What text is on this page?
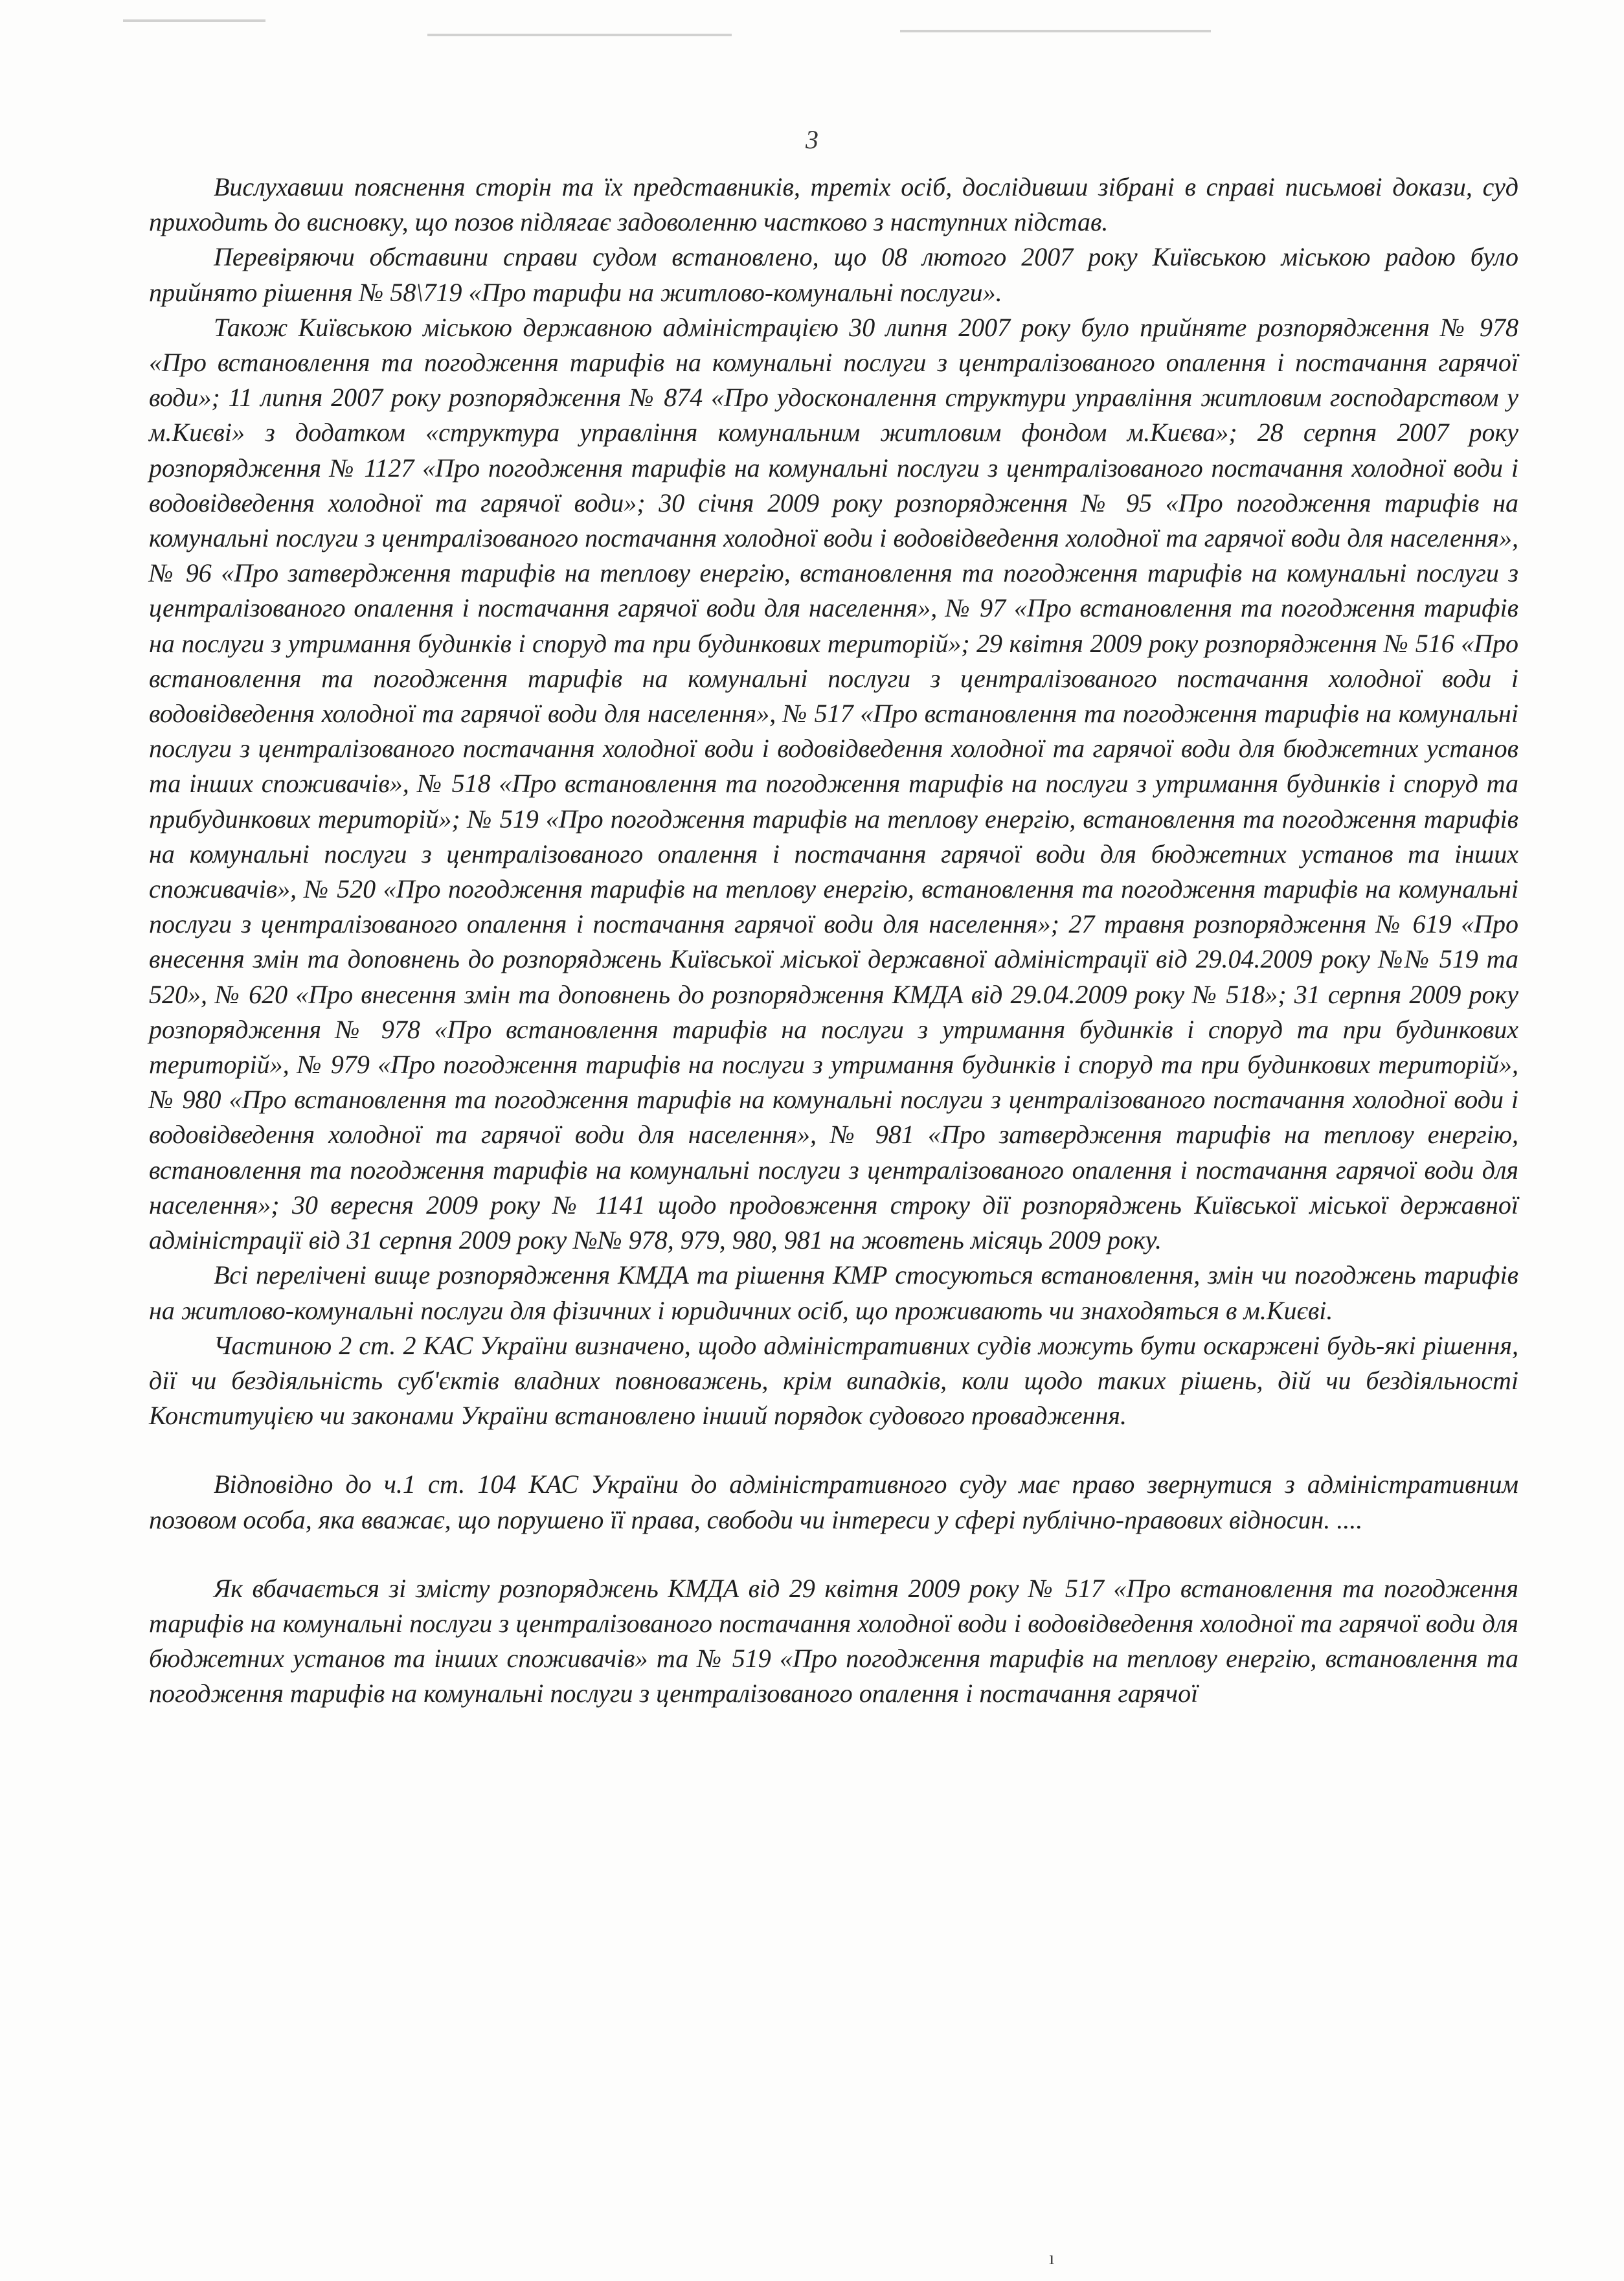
3

Вислухавши пояснення сторін та їх представників, третіх осіб, дослідивши зібрані в справі письмові докази, суд приходить до висновку, що позов підлягає задоволенню частково з наступних підстав.

Перевіряючи обставини справи судом встановлено, що 08 лютого 2007 року Київською міською радою було прийнято рішення № 58\719 «Про тарифи на житлово-комунальні послуги».

Також Київською міською державною адміністрацією 30 липня 2007 року було прийняте розпорядження № 978 «Про встановлення та погодження тарифів на комунальні послуги з централізованого опалення і постачання гарячої води»; 11 липня 2007 року розпорядження № 874 «Про удосконалення структури управління житловим господарством у м.Києві» з додатком «структура управління комунальним житловим фондом м.Києва»; 28 серпня 2007 року розпорядження № 1127 «Про погодження тарифів на комунальні послуги з централізованого постачання холодної води і водовідведення холодної та гарячої води»; 30 січня 2009 року розпорядження № 95 «Про погодження тарифів на комунальні послуги з централізованого постачання холодної води і водовідведення холодної та гарячої води для населення», № 96 «Про затвердження тарифів на теплову енергію, встановлення та погодження тарифів на комунальні послуги з централізованого опалення і постачання гарячої води для населення», № 97 «Про встановлення та погодження тарифів на послуги з утримання будинків і споруд та при будинкових територій»; 29 квітня 2009 року розпорядження № 516 «Про встановлення та погодження тарифів на комунальні послуги з централізованого постачання холодної води і водовідведення холодної та гарячої води для населення», № 517 «Про встановлення та погодження тарифів на комунальні послуги з централізованого постачання холодної води і водовідведення холодної та гарячої води для бюджетних установ та інших споживачів», № 518 «Про встановлення та погодження тарифів на послуги з утримання будинків і споруд та прибудинкових територій»; № 519 «Про погодження тарифів на теплову енергію, встановлення та погодження тарифів на комунальні послуги з централізованого опалення і постачання гарячої води для бюджетних установ та інших споживачів», № 520 «Про погодження тарифів на теплову енергію, встановлення та погодження тарифів на комунальні послуги з централізованого опалення і постачання гарячої води для населення»; 27 травня розпорядження № 619 «Про внесення змін та доповнень до розпоряджень Київської міської державної адміністрації від 29.04.2009 року №№ 519 та 520», № 620 «Про внесення змін та доповнень до розпорядження КМДА від 29.04.2009 року № 518»; 31 серпня 2009 року розпорядження № 978 «Про встановлення тарифів на послуги з утримання будинків і споруд та при будинкових територій», № 979 «Про погодження тарифів на послуги з утримання будинків і споруд та при будинкових територій», № 980 «Про встановлення та погодження тарифів на комунальні послуги з централізованого постачання холодної води і водовідведення холодної та гарячої води для населення», № 981 «Про затвердження тарифів на теплову енергію, встановлення та погодження тарифів на комунальні послуги з централізованого опалення і постачання гарячої води для населення»; 30 вересня 2009 року № 1141 щодо продовження строку дії розпоряджень Київської міської державної адміністрації від 31 серпня 2009 року №№ 978, 979, 980, 981 на жовтень місяць 2009 року.

Всі перелічені вище розпорядження КМДА та рішення КМР стосуються встановлення, змін чи погоджень тарифів на житлово-комунальні послуги для фізичних і юридичних осіб, що проживають чи знаходяться в м.Києві.

Частиною 2 ст. 2 КАС України визначено, щодо адміністративних судів можуть бути оскаржені будь-які рішення, дії чи бездіяльність суб'єктів владних повноважень, крім випадків, коли щодо таких рішень, дій чи бездіяльності Конституцією чи законами України встановлено інший порядок судового провадження.

Відповідно до ч.1 ст. 104 КАС України до адміністративного суду має право звернутися з адміністративним позовом особа, яка вважає, що порушено її права, свободи чи інтереси у сфері публічно-правових відносин. ....

Як вбачається зі змісту розпоряджень КМДА від 29 квітня 2009 року № 517 «Про встановлення та погодження тарифів на комунальні послуги з централізованого постачання холодної води і водовідведення холодної та гарячої води для бюджетних установ та інших споживачів» та № 519 «Про погодження тарифів на теплову енергію, встановлення та погодження тарифів на комунальні послуги з централізованого опалення і постачання гарячої

ı
